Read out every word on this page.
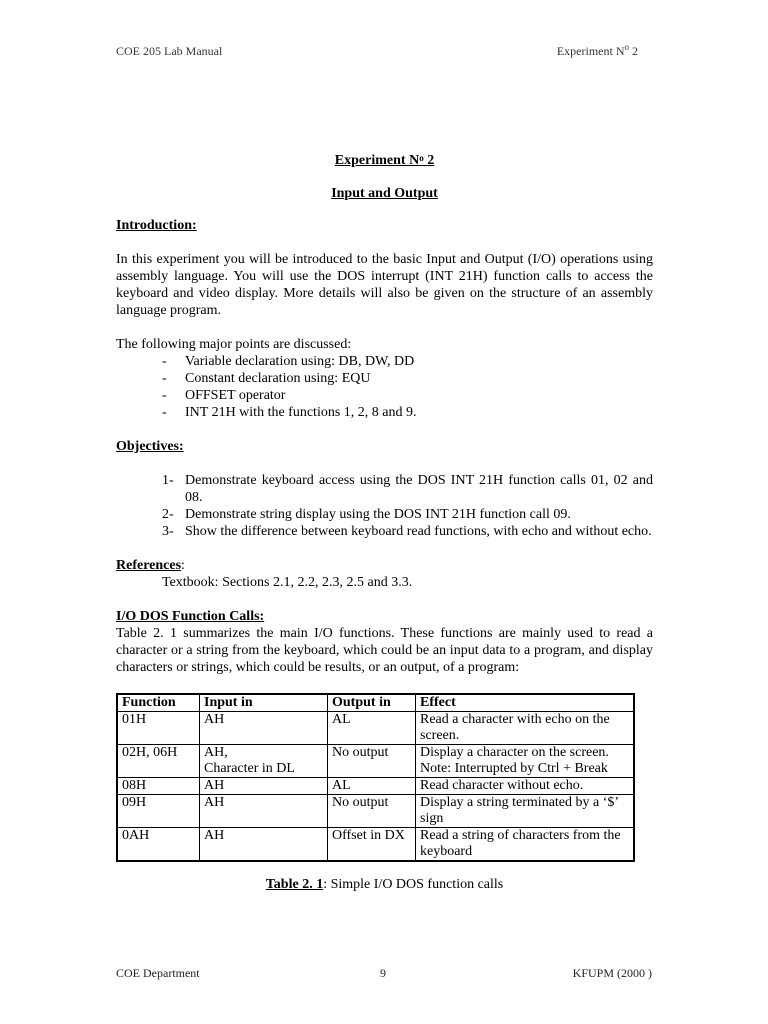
COE 205 Lab Manual	Experiment $N^o$ 2

Experiment $N^o$ 2

Input and Output

Introduction:

In this experiment you will be introduced to the basic Input and Output (I/O) operations using assembly language. You will use the DOS interrupt (INT 21H) function calls to access the keyboard and video display. More details will also be given on the structure of an assembly language program.

The following major points are discussed:

- Variable declaration using: DB, DW, DD
- Constant declaration using: EQU
- OFFSET operator
- INT 21H with the functions 1, 2, 8 and 9.

Objectives:

1- Demonstrate keyboard access using the DOS INT 21H function calls 01, 02 and 08.
2- Demonstrate string display using the DOS INT 21H function call 09.
3- Show the difference between keyboard read functions, with echo and without echo.

References:

Textbook: Sections 2.1, 2.2, 2.3, 2.5 and 3.3.

I/O DOS Function Calls:

Table 2. 1 summarizes the main I/O functions. These functions are mainly used to read a character or a string from the keyboard, which could be an input data to a program, and display characters or strings, which could be results, or an output, of a program:

Function	Input in	Output in	Effect
01H	AH	AL	Read a character with echo on the screen.
02H, 06H	AH,
Character in DL	No output	Display a character on the screen.
Note: Interrupted by Ctrl + Break
08H	AH	AL	Read character without echo.
09H	AH	No output	Display a string terminated by a ‘$’ sign
0AH	AH	Offset in DX	Read a string of characters from the keyboard

Table 2. 1: Simple I/O DOS function calls

COE Department	9	KFUPM (2000 )
